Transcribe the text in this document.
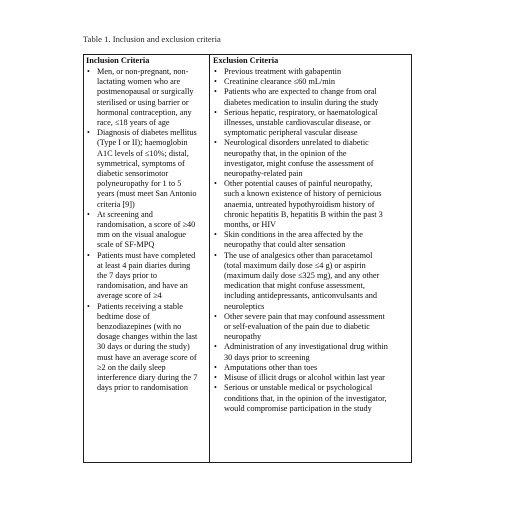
Table 1. Inclusion and exclusion criteria
Inclusion Criteria
• Men, or non-pregnant, non-
lactating women who are
postmenopausal or surgically
sterilised or using barrier or
hormonal contraception, any
race, ≤18 years of age
• Diagnosis of diabetes mellitus
(Type I or II); haemoglobin
A1C levels of ≤10%; distal,
symmetrical, symptoms of
diabetic sensorimotor
polyneuropathy for 1 to 5
years (must meet San Antonio
criteria [9])
• At screening and
randomisation, a score of ≥40
mm on the visual analogue
scale of SF-MPQ
• Patients must have completed
at least 4 pain diaries during
the 7 days prior to
randomisation, and have an
average score of ≥4
• Patients receiving a stable
bedtime dose of
benzodiazepines (with no
dosage changes within the last
30 days or during the study)
must have an average score of
≥2 on the daily sleep
interference diary during the 7
days prior to randomisation
Exclusion Criteria
• Previous treatment with gabapentin
• Creatinine clearance ≤60 mL/min
• Patients who are expected to change from oral
diabetes medication to insulin during the study
• Serious hepatic, respiratory, or haematological
illnesses, unstable cardiovascular disease, or
symptomatic peripheral vascular disease
• Neurological disorders unrelated to diabetic
neuropathy that, in the opinion of the
investigator, might confuse the assessment of
neuropathy-related pain
• Other potential causes of painful neuropathy,
such a known existence of history of pernicious
anaemia, untreated hypothyroidism history of
chronic hepatitis B, hepatitis B within the past 3
months, or HIV
• Skin conditions in the area affected by the
neuropathy that could alter sensation
• The use of analgesics other than paracetamol
(total maximum daily dose ≤4 g) or aspirin
(maximum daily dose ≤325 mg), and any other
medication that might confuse assessment,
including antidepressants, anticonvulsants and
neuroleptics
• Other severe pain that may confound assessment
or self-evaluation of the pain due to diabetic
neuropathy
• Administration of any investigational drug within
30 days prior to screening
• Amputations other than toes
• Misuse of illicit drugs or alcohol within last year
• Serious or unstable medical or psychological
conditions that, in the opinion of the investigator,
would compromise participation in the study
